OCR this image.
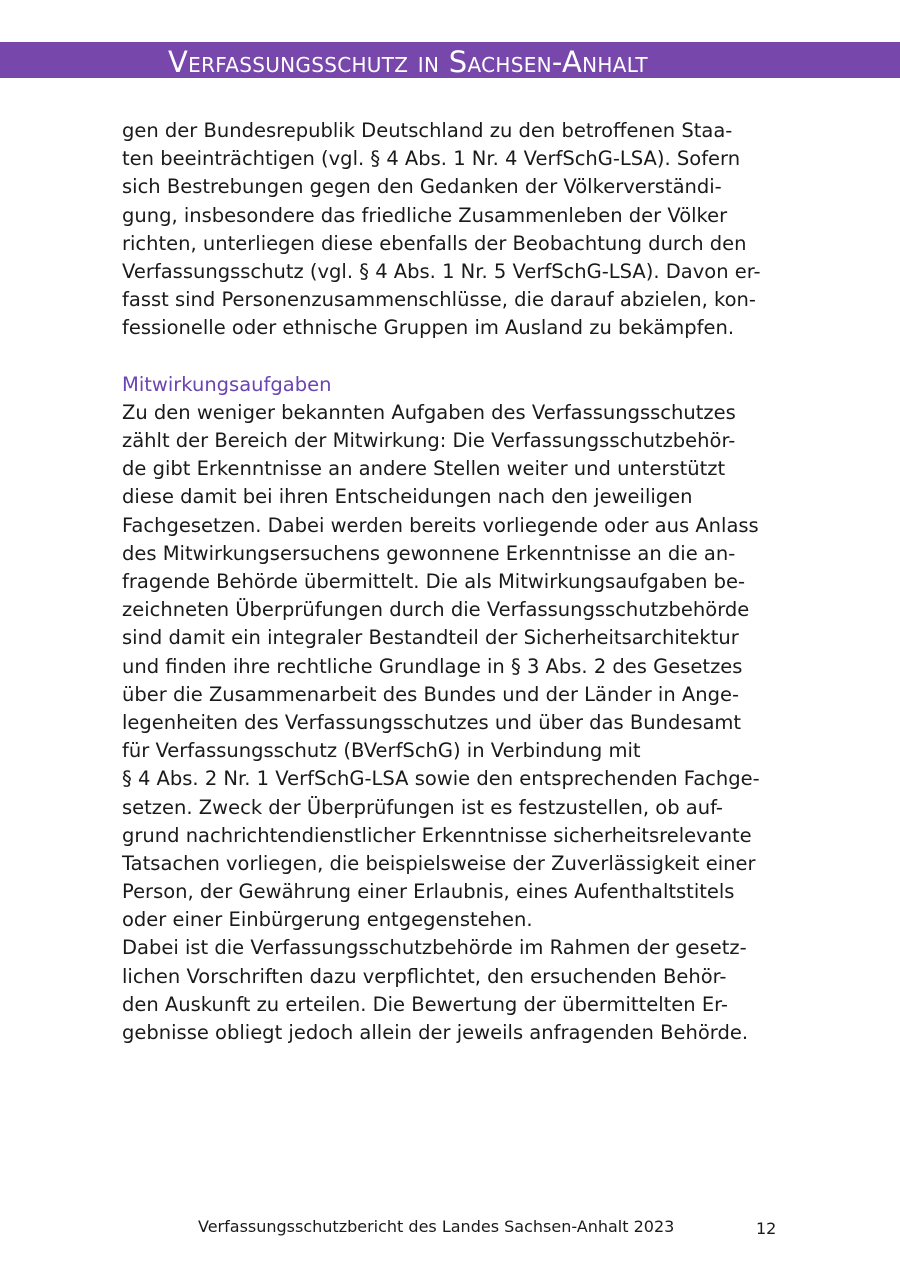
Verfassungsschutz in Sachsen-Anhalt
gen der Bundesrepublik Deutschland zu den betroffenen Staa-
ten beeinträchtigen (vgl. § 4 Abs. 1 Nr. 4 VerfSchG-LSA). Sofern
sich Bestrebungen gegen den Gedanken der Völkerverständi-
gung, insbesondere das friedliche Zusammenleben der Völker
richten, unterliegen diese ebenfalls der Beobachtung durch den
Verfassungsschutz (vgl. § 4 Abs. 1 Nr. 5 VerfSchG-LSA). Davon er-
fasst sind Personenzusammenschlüsse, die darauf abzielen, kon-
fessionelle oder ethnische Gruppen im Ausland zu bekämpfen.
Mitwirkungsaufgaben
Zu den weniger bekannten Aufgaben des Verfassungsschutzes
zählt der Bereich der Mitwirkung: Die Verfassungsschutzbehör-
de gibt Erkenntnisse an andere Stellen weiter und unterstützt
diese damit bei ihren Entscheidungen nach den jeweiligen
Fachgesetzen. Dabei werden bereits vorliegende oder aus Anlass
des Mitwirkungsersuchens gewonnene Erkenntnisse an die an-
fragende Behörde übermittelt. Die als Mitwirkungsaufgaben be-
zeichneten Überprüfungen durch die Verfassungsschutzbehörde
sind damit ein integraler Bestandteil der Sicherheitsarchitektur
und finden ihre rechtliche Grundlage in § 3 Abs. 2 des Gesetzes
über die Zusammenarbeit des Bundes und der Länder in Ange-
legenheiten des Verfassungsschutzes und über das Bundesamt
für Verfassungsschutz (BVerfSchG) in Verbindung mit
§ 4 Abs. 2 Nr. 1 VerfSchG-LSA sowie den entsprechenden Fachge-
setzen. Zweck der Überprüfungen ist es festzustellen, ob auf-
grund nachrichtendienstlicher Erkenntnisse sicherheitsrelevante
Tatsachen vorliegen, die beispielsweise der Zuverlässigkeit einer
Person, der Gewährung einer Erlaubnis, eines Aufenthaltstitels
oder einer Einbürgerung entgegenstehen.
Dabei ist die Verfassungsschutzbehörde im Rahmen der gesetz-
lichen Vorschriften dazu verpflichtet, den ersuchenden Behör-
den Auskunft zu erteilen. Die Bewertung der übermittelten Er-
gebnisse obliegt jedoch allein der jeweils anfragenden Behörde.
Verfassungsschutzbericht des Landes Sachsen-Anhalt 2023	12
